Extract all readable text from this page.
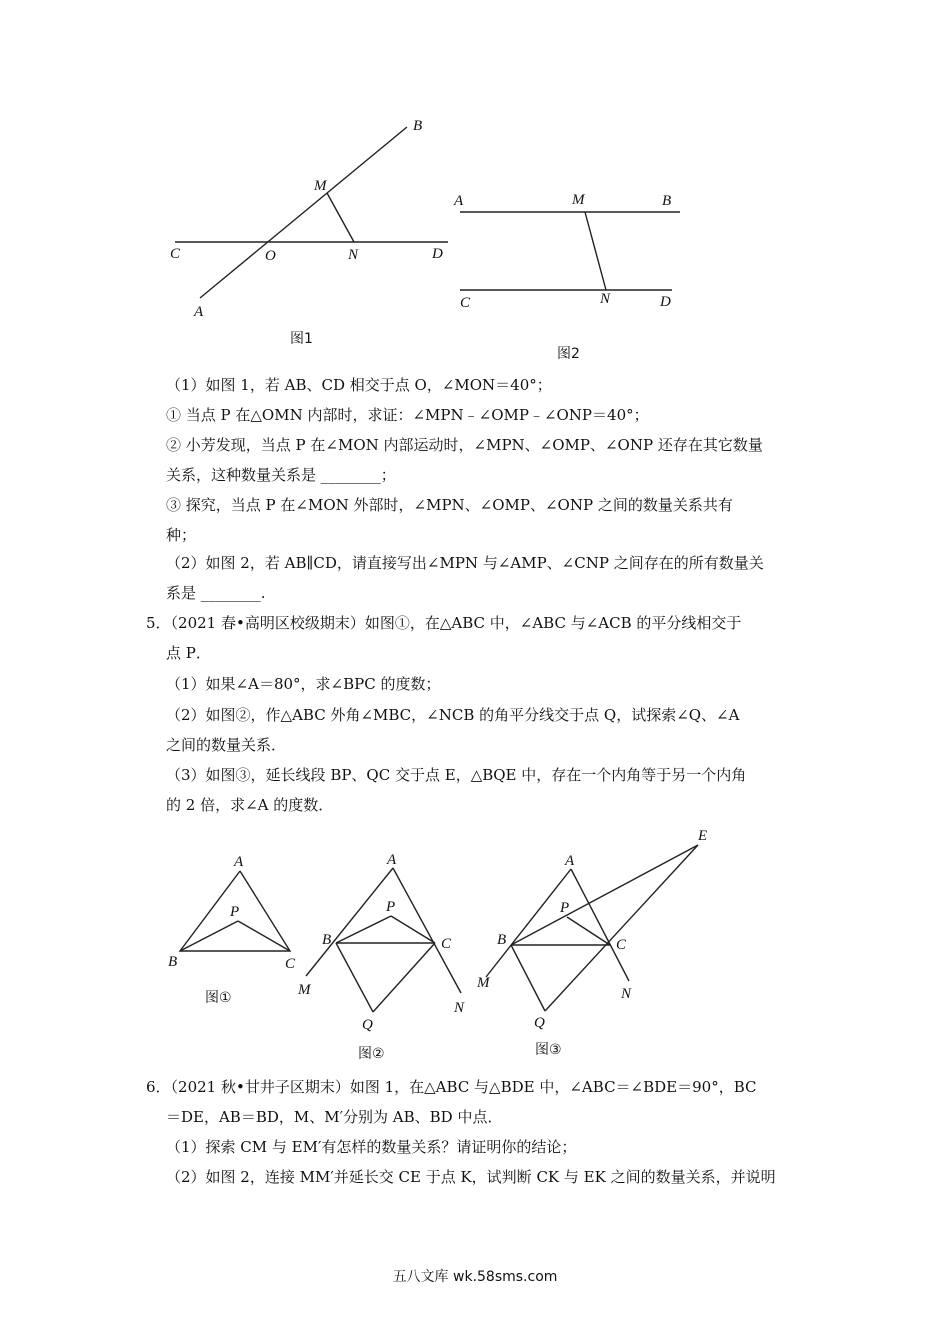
B
M
C	O	N	D
A
图1
A	M	B
C	N	D
图2
（1）如图 1，若 AB、CD 相交于点 O，∠MON＝40°；
① 当点 P 在△OMN 内部时，求证：∠MPN﹣∠OMP﹣∠ONP＝40°；
② 小芳发现，当点 P 在∠MON 内部运动时，∠MPN、∠OMP、∠ONP 还存在其它数量
关系，这种数量关系是 ________；
③ 探究，当点 P 在∠MON 外部时，∠MPN、∠OMP、∠ONP 之间的数量关系共有
种；
（2）如图 2，若 AB∥CD，请直接写出∠MPN 与∠AMP、∠CNP 之间存在的所有数量关
系是 ________.
5．（2021 春•高明区校级期末）如图①，在△ABC 中，∠ABC 与∠ACB 的平分线相交于
点 P．
（1）如果∠A＝80°，求∠BPC 的度数；
（2）如图②，作△ABC 外角∠MBC，∠NCB 的角平分线交于点 Q，试探索∠Q、∠A
之间的数量关系．
（3）如图③，延长线段 BP、QC 交于点 E，△BQE 中，存在一个内角等于另一个内角
的 2 倍，求∠A 的度数．
A
P
B	C
图①
A
P
B	C
M
N
Q
图②
E
A
P
B	C
M
N
Q
图③
6．（2021 秋•甘井子区期末）如图 1，在△ABC 与△BDE 中，∠ABC＝∠BDE＝90°，BC
＝DE，AB＝BD，M、M′分别为 AB、BD 中点．
（1）探索 CM 与 EM′有怎样的数量关系？请证明你的结论；
（2）如图 2，连接 MM′并延长交 CE 于点 K，试判断 CK 与 EK 之间的数量关系，并说明
五八文库 wk.58sms.com
